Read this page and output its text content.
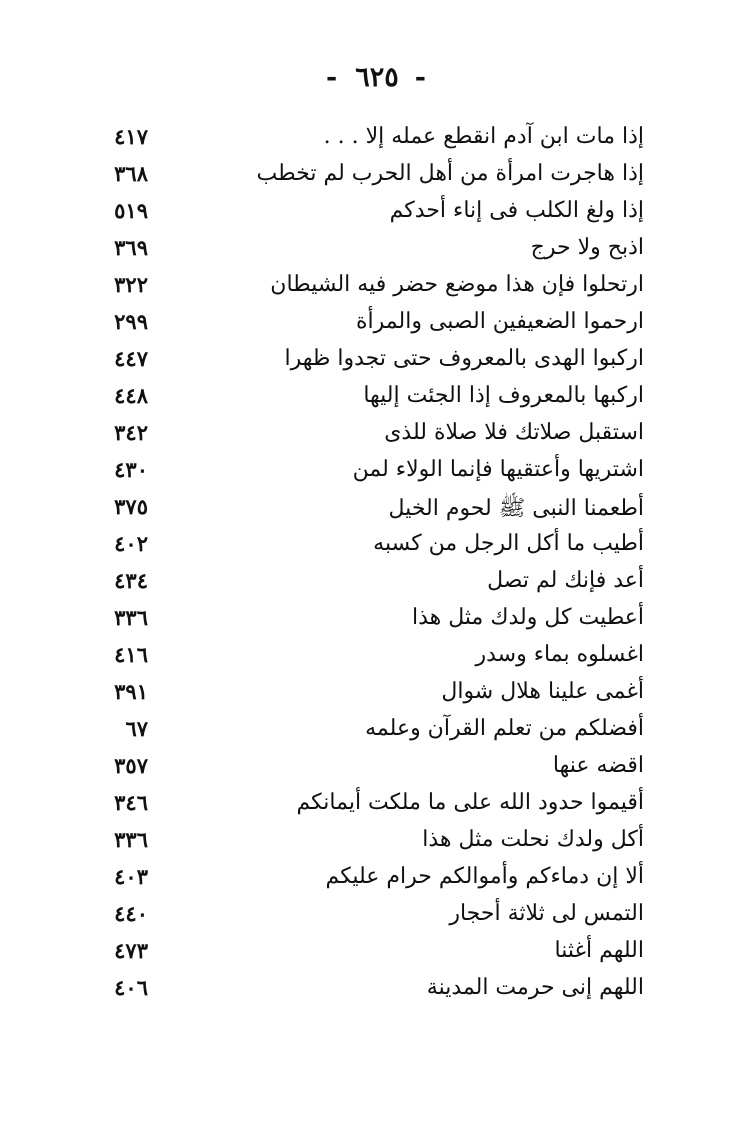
- ٦٢٥ -
إذا مات ابن آدم انقطع عمله إلا . . .
٤١٧
إذا هاجرت امرأة من أهل الحرب لم تخطب
٣٦٨
إذا ولغ الكلب فى إناء أحدكم
٥١٩
اذبح ولا حرج
٣٦٩
ارتحلوا فإن هذا موضع حضر فيه الشيطان
٣٢٢
ارحموا الضعيفين الصبى والمرأة
٢٩٩
اركبوا الهدى بالمعروف حتى تجدوا ظهرا
٤٤٧
اركبها بالمعروف إذا الجئت إليها
٤٤٨
استقبل صلاتك فلا صلاة للذى
٣٤٢
اشتريها وأعتقيها فإنما الولاء لمن
٤٣٠
أطعمنا النبى ﷺ لحوم الخيل
٣٧٥
أطيب ما أكل الرجل من كسبه
٤٠٢
أعد فإنك لم تصل
٤٣٤
أعطيت كل ولدك مثل هذا
٣٣٦
اغسلوه بماء وسدر
٤١٦
أغمى علينا هلال شوال
٣٩١
أفضلكم من تعلم القرآن وعلمه
٦٧
اقضه عنها
٣٥٧
أقيموا حدود الله على ما ملكت أيمانكم
٣٤٦
أكل ولدك نحلت مثل هذا
٣٣٦
ألا إن دماءكم وأموالكم حرام عليكم
٤٠٣
التمس لى ثلاثة أحجار
٤٤٠
اللهم أغثنا
٤٧٣
اللهم إنى حرمت المدينة
٤٠٦
